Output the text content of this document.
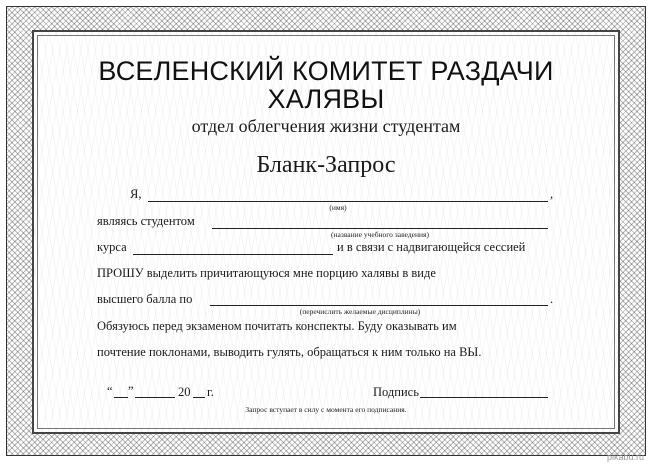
ВСЕЛЕНСКИЙ КОМИТЕТ РАЗДАЧИ
ХАЛЯВЫ
отдел облегчения жизни студентам
Бланк-Запрос
Я,	,
(имя)
являясь студентом
(название учебного заведения)
курса	и в связи с надвигающейся сессией
ПРОШУ выделить причитающуюся мне порцию халявы в виде
высшего балла по	.
(перечислить желаемые дисциплины)
Обязуюсь перед экзаменом почитать конспекты. Буду оказывать им
почтение поклонами, выводить гулять, обращаться к ним только на ВЫ.
“ ”	20 г.	Подпись
Запрос вступает в силу с момента его подписания.
pikabu.ru
